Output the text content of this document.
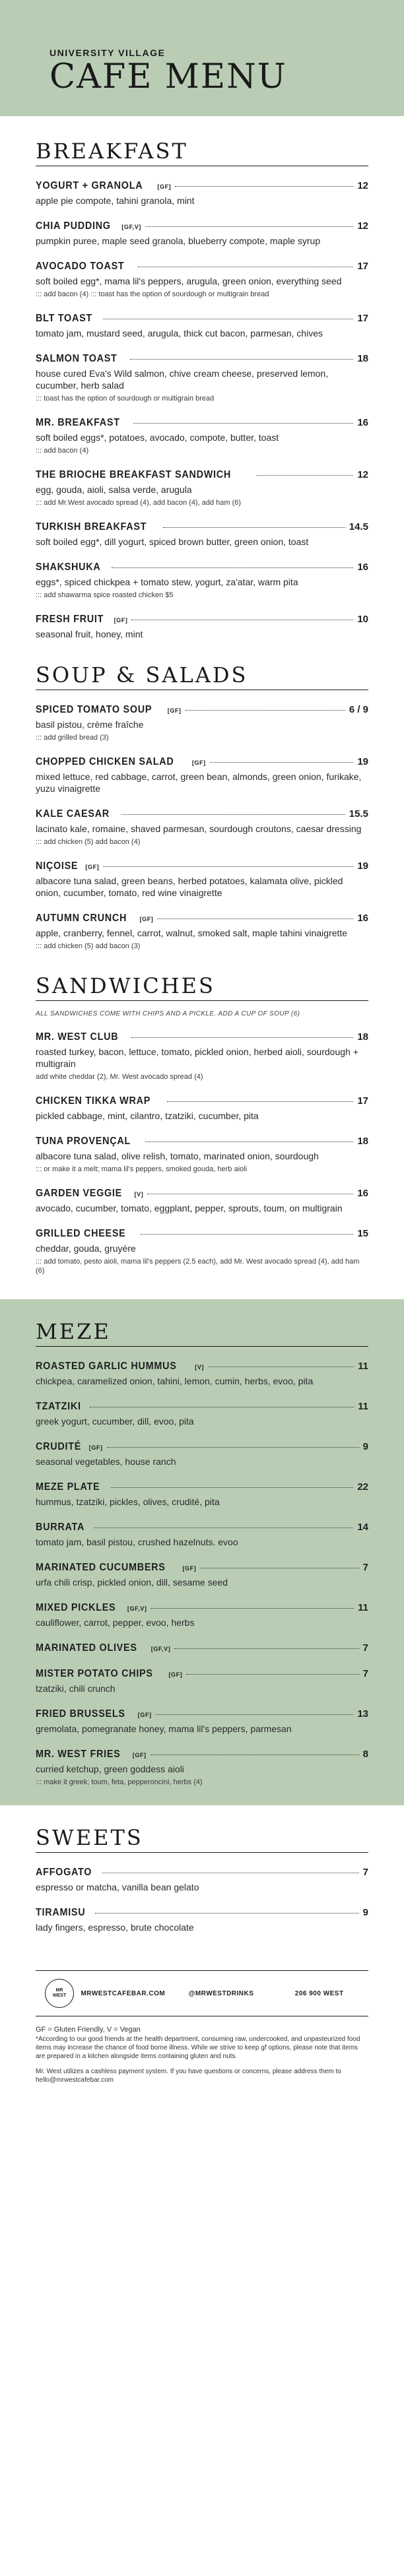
UNIVERSITY VILLAGE
CAFE MENU
BREAKFAST
YOGURT + GRANOLA [GF]	12
apple pie compote, tahini granola, mint
CHIA PUDDING [GF,V]	12
pumpkin puree, maple seed granola, blueberry compote, maple syrup
AVOCADO TOAST	17
soft boiled egg*, mama lil's peppers, arugula, green onion, everything seed
::: add bacon (4) ::: toast has the option of sourdough or multigrain bread
BLT TOAST	17
tomato jam, mustard seed, arugula, thick cut bacon, parmesan, chives
SALMON TOAST	18
house cured Eva's Wild salmon, chive cream cheese, preserved lemon, cucumber, herb salad
::: toast has the option of sourdough or multigrain bread
MR. BREAKFAST	16
soft boiled eggs*, potatoes, avocado, compote, butter, toast
::: add bacon (4)
THE BRIOCHE BREAKFAST SANDWICH	12
egg, gouda, aioli, salsa verde, arugula
::: add Mr.West avocado spread (4), add bacon (4), add ham (6)
TURKISH BREAKFAST	14.5
soft boiled egg*, dill yogurt, spiced brown butter, green onion, toast
SHAKSHUKA	16
eggs*, spiced chickpea + tomato stew, yogurt, za'atar, warm pita
::: add shawarma spice roasted chicken $5
FRESH FRUIT [GF]	10
seasonal fruit, honey, mint
SOUP & SALADS
SPICED TOMATO SOUP	[GF]	6 / 9
basil pistou, crème fraîche
::: add grilled bread (3)
CHOPPED CHICKEN SALAD	[GF]	19
mixed lettuce, red cabbage, carrot, green bean, almonds, green onion, furikake, yuzu vinaigrette
KALE CAESAR	15.5
lacinato kale, romaine, shaved parmesan, sourdough croutons, caesar dressing
::: add chicken (5) add bacon (4)
NIÇOISE [GF]	19
albacore tuna salad, green beans, herbed potatoes, kalamata olive, pickled onion, cucumber, tomato, red wine vinaigrette
AUTUMN CRUNCH [GF]	16
apple, cranberry, fennel, carrot, walnut, smoked salt, maple tahini vinaigrette
::: add chicken (5) add bacon (3)
SANDWICHES
ALL SANDWICHES COME WITH CHIPS AND A PICKLE. ADD A CUP OF SOUP (6)
MR. WEST CLUB	18
roasted turkey, bacon, lettuce, tomato, pickled onion, herbed aioli, sourdough + multigrain
add white cheddar (2), Mr. West avocado spread (4)
CHICKEN TIKKA WRAP	17
pickled cabbage, mint, cilantro, tzatziki, cucumber, pita
TUNA PROVENÇAL	18
albacore tuna salad, olive relish, tomato, marinated onion, sourdough
::: or make it a melt; mama lil's peppers, smoked gouda, herb aioli
GARDEN VEGGIE [V]	16
avocado, cucumber, tomato, eggplant, pepper, sprouts, toum, on multigrain
GRILLED CHEESE	15
cheddar, gouda, gruyère
::: add tomato, pesto aioli, mama lil's peppers (2.5 each), add Mr. West avocado spread (4), add ham (6)
MEZE
ROASTED GARLIC HUMMUS	[V]	11
chickpea, caramelized onion, tahini, lemon, cumin, herbs, evoo, pita
TZATZIKI	11
greek yogurt, cucumber, dill, evoo, pita
CRUDITÉ [GF]	9
seasonal vegetables, house ranch
MEZE PLATE	22
hummus, tzatziki, pickles, olives, crudité, pita
BURRATA	14
tomato jam, basil pistou, crushed hazelnuts. evoo
MARINATED CUCUMBERS	[GF]	7
urfa chili crisp, pickled onion, dill, sesame seed
MIXED PICKLES [GF,V]	11
cauliflower, carrot, pepper, evoo, herbs
MARINATED OLIVES [GF,V]	7
MISTER POTATO CHIPS	[GF]	7
tzatziki, chili crunch
FRIED BRUSSELS [GF]	13
gremolata, pomegranate honey, mama lil's peppers, parmesan
MR. WEST FRIES [GF]	8
curried ketchup, green goddess aioli
::: make it greek; toum, feta, pepperoncini, herbs (4)
SWEETS
AFFOGATO	7
espresso or matcha, vanilla bean gelato
TIRAMISU	9
lady fingers, espresso, brute chocolate
MR
WEST	MRWESTCAFEBAR.COM	@MRWESTDRINKS	206 900 WEST
GF = Gluten Friendly, V = Vegan
*According to our good friends at the health department, consuming raw, undercooked, and unpasteurized food items may increase the chance of food borne illness. While we strive to keep gf options, please note that items are prepared in a kitchen alongside items containing gluten and nuts.
Mr. West utilizes a cashless payment system. If you have questions or concerns, please address them to hello@mrwestcafebar.com
